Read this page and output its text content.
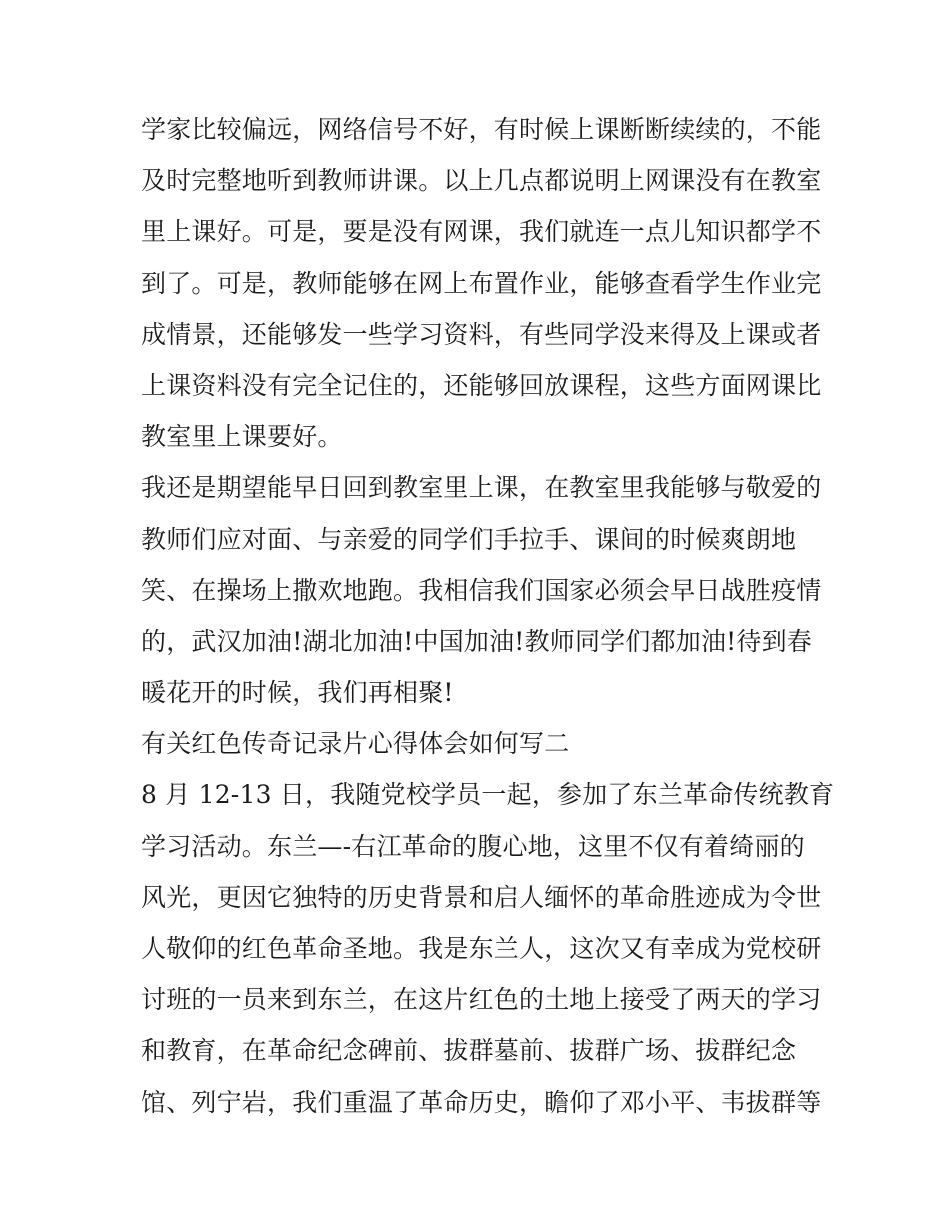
学家比较偏远，网络信号不好，有时候上课断断续续的，不能
及时完整地听到教师讲课。以上几点都说明上网课没有在教室
里上课好。可是，要是没有网课，我们就连一点儿知识都学不
到了。可是，教师能够在网上布置作业，能够查看学生作业完
成情景，还能够发一些学习资料，有些同学没来得及上课或者
上课资料没有完全记住的，还能够回放课程，这些方面网课比
教室里上课要好。
我还是期望能早日回到教室里上课，在教室里我能够与敬爱的
教师们应对面、与亲爱的同学们手拉手、课间的时候爽朗地
笑、在操场上撒欢地跑。我相信我们国家必须会早日战胜疫情
的，武汉加油!湖北加油!中国加油!教师同学们都加油!待到春
暖花开的时候，我们再相聚!
有关红色传奇记录片心得体会如何写二
8 月 12-13 日，我随党校学员一起，参加了东兰革命传统教育
学习活动。东兰—-右江革命的腹心地，这里不仅有着绮丽的
风光，更因它独特的历史背景和启人缅怀的革命胜迹成为令世
人敬仰的红色革命圣地。我是东兰人，这次又有幸成为党校研
讨班的一员来到东兰，在这片红色的土地上接受了两天的学习
和教育，在革命纪念碑前、拔群墓前、拔群广场、拔群纪念
馆、列宁岩，我们重温了革命历史，瞻仰了邓小平、韦拔群等
